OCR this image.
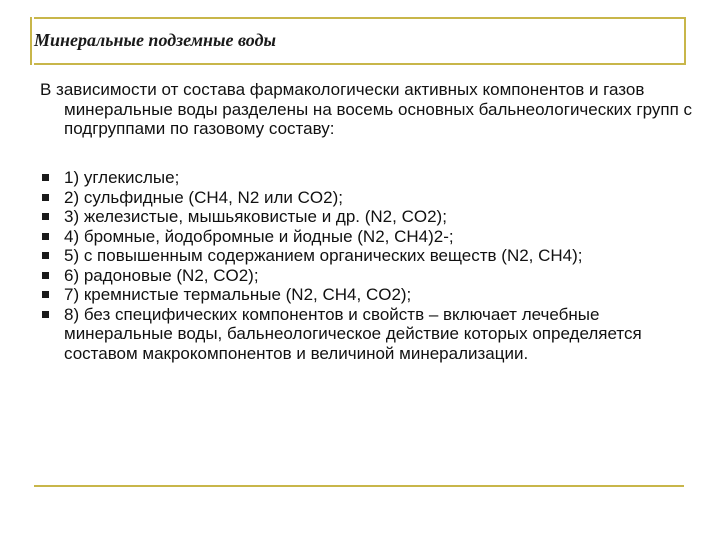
Минеральные подземные воды
В зависимости от состава фармакологически активных компонентов и газов минеральные воды разделены на восемь основных бальнеологических групп с подгруппами по газовому составу:
1) углекислые;
2) сульфидные (CH4, N2 или CO2);
3) железистые, мышьяковистые и др. (N2, CO2);
4) бромные, йодобромные и йодные (N2, CH4)2-;
5) с повышенным содержанием органических веществ (N2, CH4);
6) радоновые (N2, CO2);
7) кремнистые термальные (N2, CH4, CO2);
8) без специфических компонентов и свойств – включает лечебные минеральные воды, бальнеологическое действие которых определяется составом макрокомпонентов и величиной минерализации.
